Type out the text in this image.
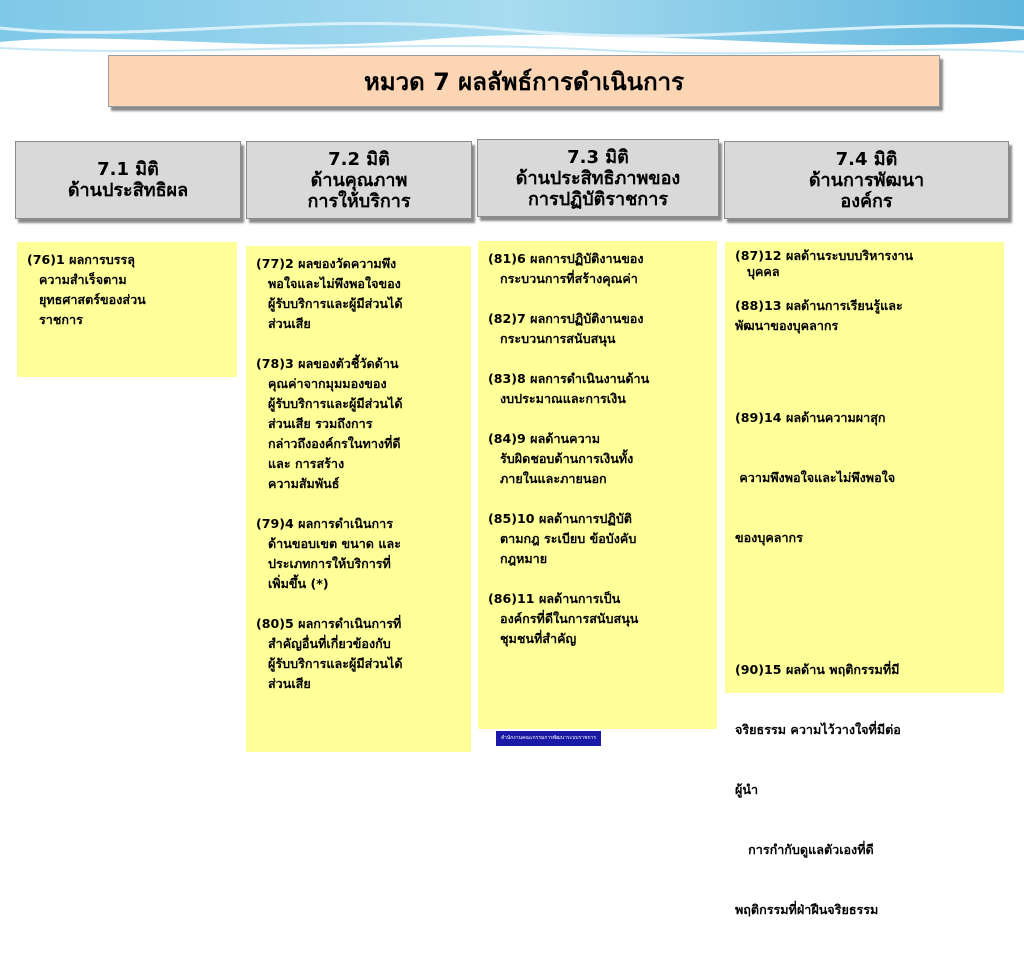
หมวด 7 ผลลัพธ์การดำเนินการ
7.1 มิติ
ด้านประสิทธิผล
7.2 มิติ
ด้านคุณภาพ
การให้บริการ
7.3 มิติ
ด้านประสิทธิภาพของ
การปฏิบัติราชการ
7.4 มิติ
ด้านการพัฒนา
องค์กร
(76)1 ผลการบรรลุ
ความสำเร็จตาม
ยุทธศาสตร์ของส่วน
ราชการ
(77)2 ผลของวัดความพึง
พอใจและไม่พึงพอใจของ
ผู้รับบริการและผู้มีส่วนได้
ส่วนเสีย
(78)3 ผลของตัวชี้วัดด้าน
คุณค่าจากมุมมองของ
ผู้รับบริการและผู้มีส่วนได้
ส่วนเสีย รวมถึงการ
กล่าวถึงองค์กรในทางที่ดี
และ การสร้าง
ความสัมพันธ์
(79)4 ผลการดำเนินการ
ด้านขอบเขต ขนาด และ
ประเภทการให้บริการที่
เพิ่มขึ้น (*)
(80)5 ผลการดำเนินการที่
สำคัญอื่นที่เกี่ยวข้องกับ
ผู้รับบริการและผู้มีส่วนได้
ส่วนเสีย
(81)6 ผลการปฏิบัติงานของ
กระบวนการที่สร้างคุณค่า
(82)7 ผลการปฏิบัติงานของ
กระบวนการสนับสนุน
(83)8 ผลการดำเนินงานด้าน
งบประมาณและการเงิน
(84)9 ผลด้านความ
รับผิดชอบด้านการเงินทั้ง
ภายในและภายนอก
(85)10 ผลด้านการปฏิบัติ
ตามกฎ ระเบียบ ข้อบังคับ
กฎหมาย
(86)11 ผลด้านการเป็น
องค์กรที่ดีในการสนับสนุน
ชุมชนที่สำคัญ
(87)12 ผลด้านระบบบริหารงาน
บุคคล
(88)13 ผลด้านการเรียนรู้และ
พัฒนาของบุคลากร

(89)14 ผลด้านความผาสุก

ความพึงพอใจและไม่พึงพอใจ

ของบุคลากร

(90)15 ผลด้าน พฤติกรรมที่มี

จริยธรรม ความไว้วางใจที่มีต่อ

ผู้นำ

การกำกับดูแลตัวเองที่ดี

พฤติกรรมที่ฝ่าฝืนจริยธรรม

สำนักงานคณะกรรมการพัฒนาระบบราชการ
